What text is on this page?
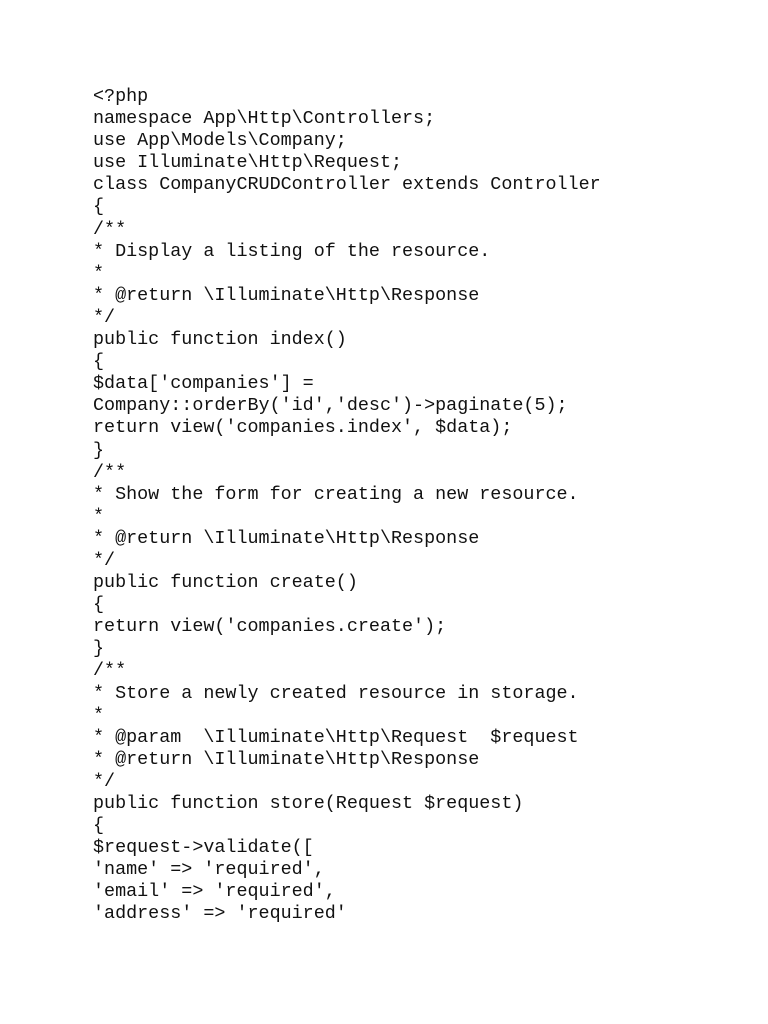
<?php
namespace App\Http\Controllers;
use App\Models\Company;
use Illuminate\Http\Request;
class CompanyCRUDController extends Controller
{
/**
* Display a listing of the resource.
*
* @return \Illuminate\Http\Response
*/
public function index()
{
$data['companies'] =
Company::orderBy('id','desc')->paginate(5);
return view('companies.index', $data);
}
/**
* Show the form for creating a new resource.
*
* @return \Illuminate\Http\Response
*/
public function create()
{
return view('companies.create');
}
/**
* Store a newly created resource in storage.
*
* @param  \Illuminate\Http\Request  $request
* @return \Illuminate\Http\Response
*/
public function store(Request $request)
{
$request->validate([
'name' => 'required',
'email' => 'required',
'address' => 'required'
